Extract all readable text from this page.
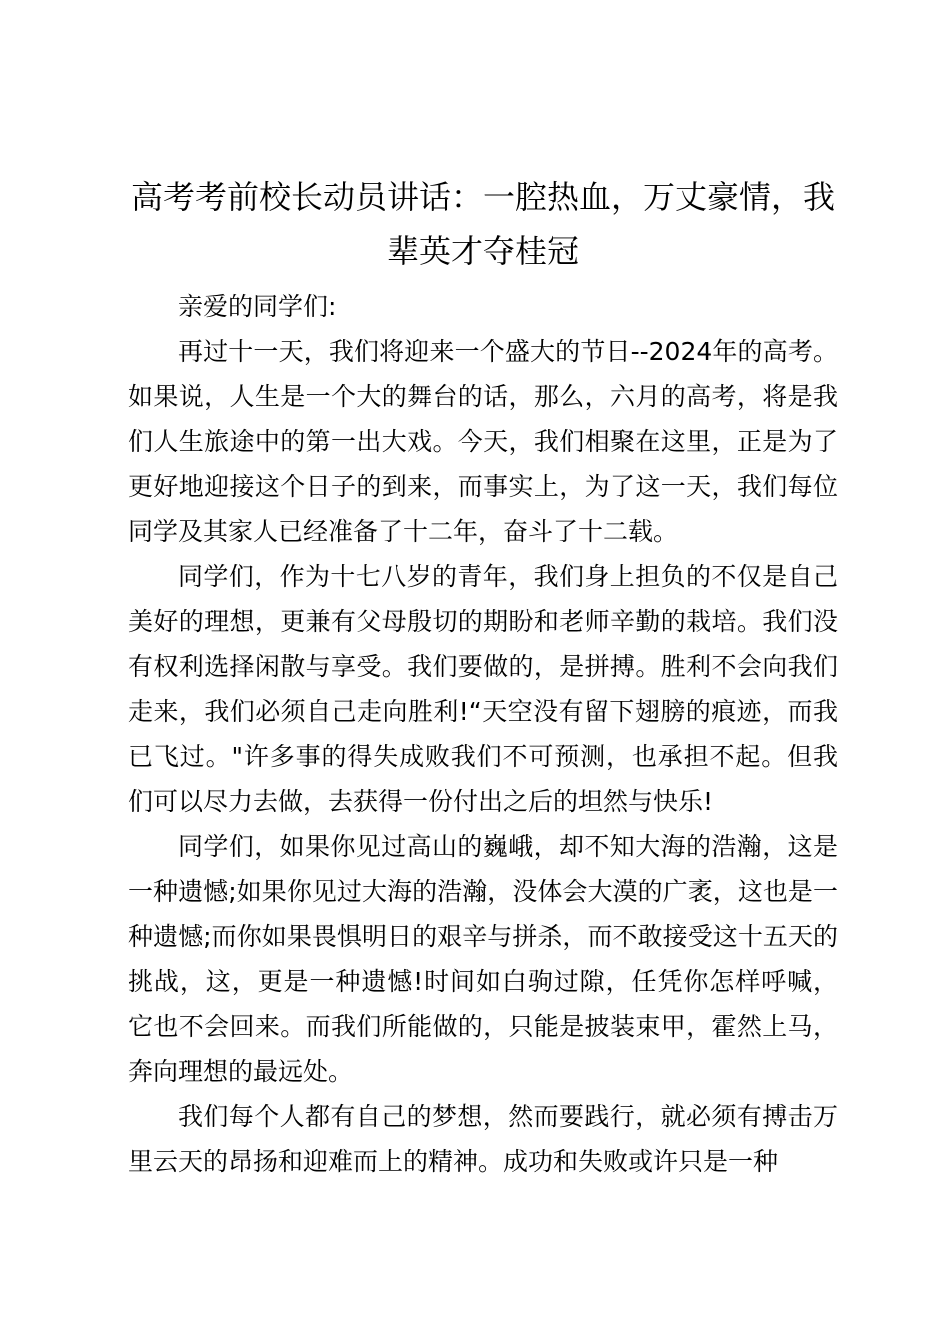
高考考前校长动员讲话：一腔热血，万丈豪情，我辈英才夺桂冠

亲爱的同学们:

再过十一天，我们将迎来一个盛大的节日--2024年的高考。如果说，人生是一个大的舞台的话，那么，六月的高考，将是我们人生旅途中的第一出大戏。今天，我们相聚在这里，正是为了更好地迎接这个日子的到来，而事实上，为了这一天，我们每位同学及其家人已经准备了十二年，奋斗了十二载。

同学们，作为十七八岁的青年，我们身上担负的不仅是自己美好的理想，更兼有父母殷切的期盼和老师辛勤的栽培。我们没有权利选择闲散与享受。我们要做的，是拼搏。胜利不会向我们走来，我们必须自己走向胜利!“天空没有留下翅膀的痕迹，而我已飞过。"许多事的得失成败我们不可预测，也承担不起。但我们可以尽力去做，去获得一份付出之后的坦然与快乐!

同学们，如果你见过高山的巍峨，却不知大海的浩瀚，这是一种遗憾;如果你见过大海的浩瀚，没体会大漠的广袤，这也是一种遗憾;而你如果畏惧明日的艰辛与拼杀，而不敢接受这十五天的挑战，这，更是一种遗憾!时间如白驹过隙，任凭你怎样呼喊，它也不会回来。而我们所能做的，只能是披装束甲，霍然上马，奔向理想的最远处。

我们每个人都有自己的梦想，然而要践行，就必须有搏击万里云天的昂扬和迎难而上的精神。成功和失败或许只是一种
